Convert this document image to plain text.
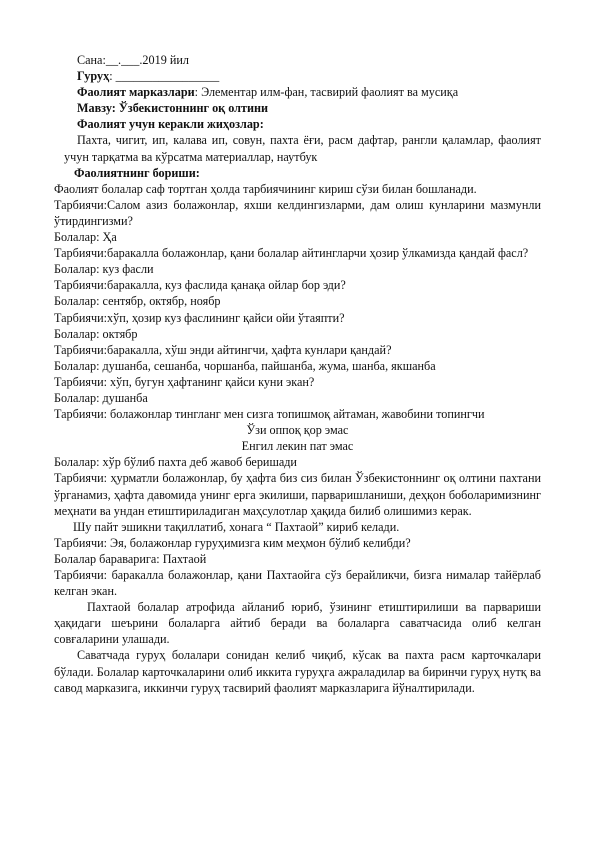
Сана:__.___.2019 йил
Гуруҳ: _________________
Фаолият марказлари: Элементар илм-фан, тасвирий фаолият ва мусиқа
Мавзу: Ўзбекистоннинг оқ олтини
Фаолият учун керакли жиҳозлар:
Пахта, чигит, ип, калава ип, совун, пахта ёғи, расм дафтар, рангли қаламлар, фаолият учун тарқатма ва кўрсатма материаллар, наутбук
Фаолиятнинг бориши:
Фаолият болалар саф тортган ҳолда тарбиячининг кириш сўзи билан бошланади.
Тарбиячи:Салом азиз болажонлар, яхши келдингизларми, дам олиш кунларини мазмунли ўтирдингизми?
Болалар: Ҳа
Тарбиячи:баракалла болажонлар, қани болалар айтингларчи ҳозир ўлкамизда қандай фасл?
Болалар: куз фасли
Тарбиячи:баракалла, куз фаслида қанақа ойлар бор эди?
Болалар: сентябр, октябр, ноябр
Тарбиячи:хўп, ҳозир куз фаслининг қайси ойи ўтаяпти?
Болалар: октябр
Тарбиячи:баракалла, хўш энди айтингчи, ҳафта кунлари қандай?
Болалар: душанба, сешанба, чоршанба, пайшанба, жума, шанба, якшанба
Тарбиячи: хўп, бугун ҳафтанинг қайси куни экан?
Болалар: душанба
Тарбиячи: болажонлар тингланг мен сизга топишмоқ айтаман, жавобини топингчи
Ўзи оппоқ қор эмас
Енгил лекин пат эмас
Болалар: хўр бўлиб пахта деб жавоб беришади
Тарбиячи: ҳурматли болажонлар, бу ҳафта биз сиз билан Ўзбекистоннинг оқ олтини пахтани ўрганамиз, ҳафта давомида унинг ерга экилиши, парваришланиши, деҳқон боболаримизнинг меҳнати ва ундан етиштириладиган маҳсулотлар ҳақида билиб олишимиз керак.
Шу пайт эшикни тақиллатиб, хонага “ Пахтаой” кириб келади.
Тарбиячи: Эя, болажонлар гуруҳимизга ким меҳмон бўлиб келибди?
Болалар бараварига: Пахтаой
Тарбиячи: баракалла болажонлар, қани Пахтаойга сўз берайликчи, бизга нималар тайёрлаб келган экан.
Пахтаой болалар атрофида айланиб юриб, ўзининг етиштирилиши ва парвариши ҳақидаги шеърини болаларга айтиб беради ва болаларга саватчасида олиб келган совғаларини улашади.
Саватчада гуруҳ болалари сонидан келиб чиқиб, кўсак ва пахта расм карточкалари бўлади. Болалар карточкаларини олиб иккита гуруҳга ажраладилар ва биринчи гуруҳ нутқ ва савод марказига, иккинчи гуруҳ тасвирий фаолият марказларига йўналтирилади.
